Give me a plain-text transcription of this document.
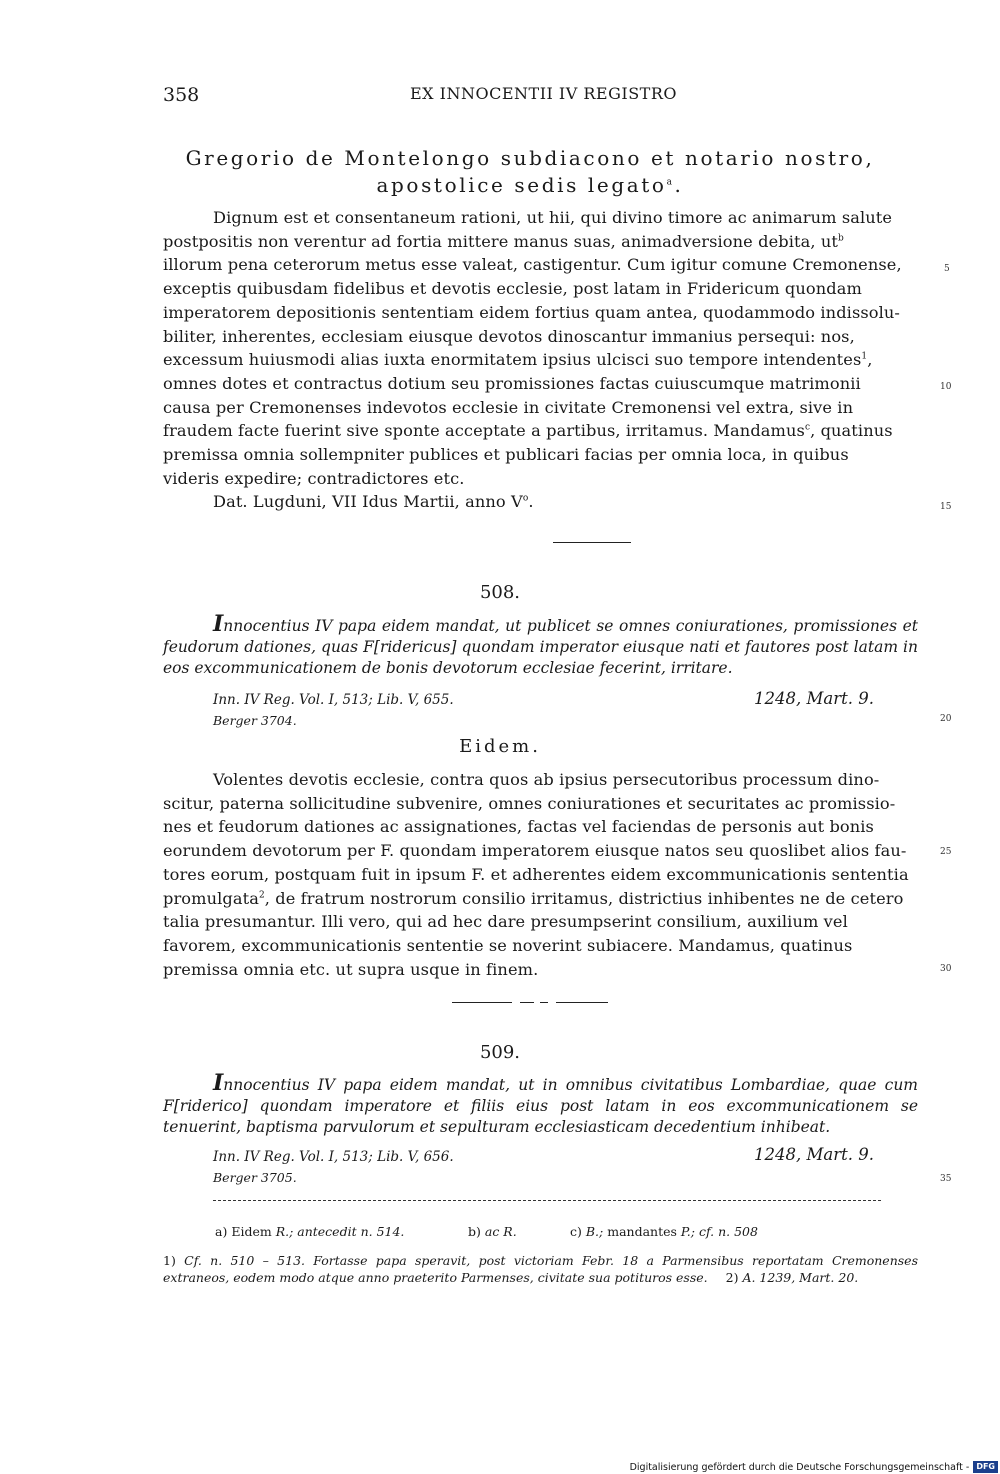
358	EX INNOCENTII IV REGISTRO
Gregorio de Montelongo subdiacono et notario nostro,
apostolice sedis legato$^a$.
Dignum est et consentaneum rationi, ut hii, qui divino timore ac animarum salute
postpositis non verentur ad fortia mittere manus suas, animadversione debita, $ut^b$
illorum pena ceterorum metus esse valeat, castigentur. Cum igitur comune Cremonense,
exceptis quibusdam fidelibus et devotis ecclesie, post latam in Fridericum quondam
imperatorem depositionis sententiam eidem fortius quam antea, quodammodo indissolu-
biliter, inherentes, ecclesiam eiusque devotos dinoscantur immanius persequi: nos,
excessum huiusmodi alias iuxta enormitatem ipsius ulcisci suo tempore intendentes$^1$,
omnes dotes et contractus dotium seu promissiones factas cuiuscumque matrimonii
causa per Cremonenses indevotos ecclesie in civitate Cremonensi vel extra, sive in
fraudem facte fuerint sive sponte acceptate a partibus, irritamus. Mandamus$^c$, quatinus
premissa omnia sollempniter publices et publicari facias per omnia loca, in quibus
videris expedire; contradictores etc.
Dat. Lugduni, VII Idus Martii, anno $V^o$.
5
10
15
20
25
30
35
508.

Innocentius IV papa eidem mandat, ut publicet se omnes coniurationes, promissiones et feudorum dationes, quas F[ridericus] quondam imperator eiusque nati et fautores post latam in eos excommunicationem de bonis devotorum ecclesiae fecerint, irritare.

Inn. IV Reg. Vol. I, 513; Lib. V, 655.	1248, Mart. 9.
Berger 3704.
Eidem.
Volentes devotis ecclesie, contra quos ab ipsius persecutoribus processum dino-
scitur, paterna sollicitudine subvenire, omnes coniurationes et securitates ac promissio-
nes et feudorum dationes ac assignationes, factas vel faciendas de personis aut bonis
eorundem devotorum per F. quondam imperatorem eiusque natos seu quoslibet alios fau-
tores eorum, postquam fuit in ipsum F. et adherentes eidem excommunicationis sententia
promulgata$^2$, de fratrum nostrorum consilio irritamus, districtius inhibentes ne de cetero
talia presumantur. Illi vero, qui ad hec dare presumpserint consilium, auxilium vel
favorem, excommunicationis sententie se noverint subiacere. Mandamus, quatinus
premissa omnia etc. ut supra usque in finem.
509.

Innocentius IV papa eidem mandat, ut in omnibus civitatibus Lombardiae, quae cum F[riderico] quondam imperatore et filiis eius post latam in eos excommunicationem se tenuerint, baptisma parvulorum et sepulturam ecclesiasticam decedentium inhibeat.

Inn. IV Reg. Vol. I, 513; Lib. V, 656.	1248, Mart. 9.
Berger 3705.
a) Eidem R.; antecedit n. 514.	b) ac R.	c) B.; mandantes P.; cf. n. 508
1) Cf. n. 510 – 513. Fortasse papa speravit, post victoriam Febr. 18 a Parmensibus reportatam Cremonenses extraneos, eodem modo atque anno praeterito Parmenses, civitate sua potituros esse. 2) A. 1239, Mart. 20.
Digitalisierung gefördert durch die Deutsche Forschungsgemeinschaft - DFG
